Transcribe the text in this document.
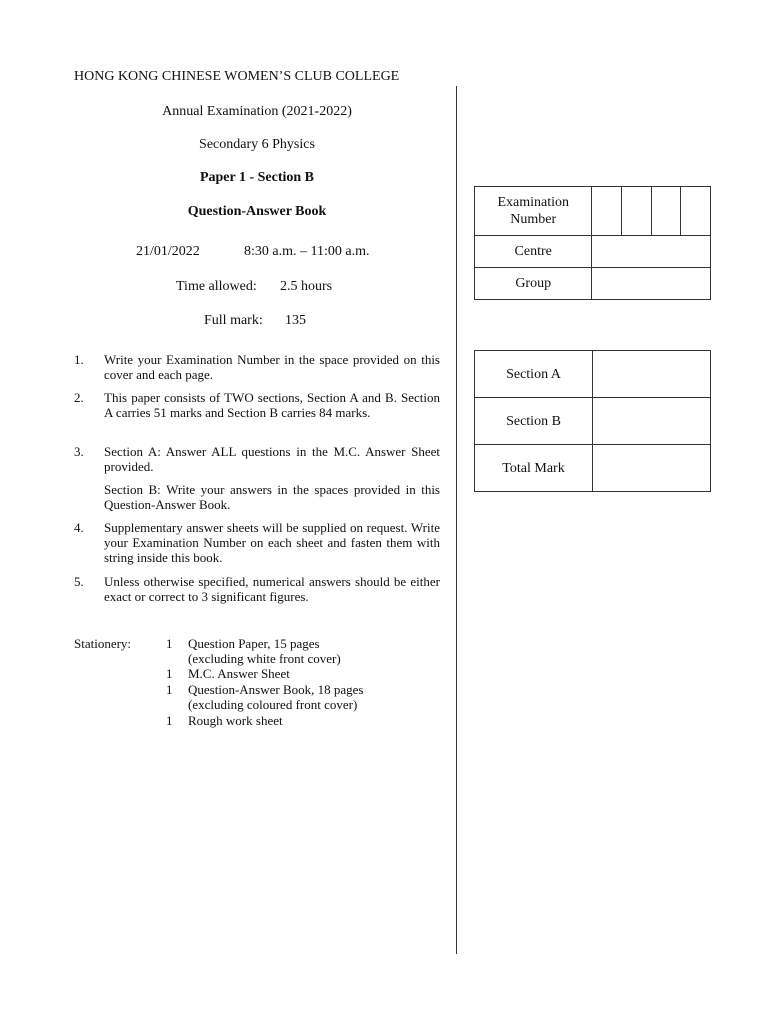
HONG KONG CHINESE WOMEN’S CLUB COLLEGE
Annual Examination (2021-2022)
Secondary 6 Physics
Paper 1 - Section B
Question-Answer Book
21/01/2022	8:30 a.m. – 11:00 a.m.
Time allowed: 2.5 hours
Full mark: 135
1. Write your Examination Number in the space provided on this cover and each page.
2. This paper consists of TWO sections, Section A and B. Section A carries 51 marks and Section B carries 84 marks.
3. Section A: Answer ALL questions in the M.C. Answer Sheet provided.
Section B: Write your answers in the spaces provided in this Question-Answer Book.
4. Supplementary answer sheets will be supplied on request. Write your Examination Number on each sheet and fasten them with string inside this book.
5. Unless otherwise specified, numerical answers should be either exact or correct to 3 significant figures.
Stationery:	1 Question Paper, 15 pages
(excluding white front cover)
1 M.C. Answer Sheet
1 Question-Answer Book, 18 pages
(excluding coloured front cover)
1 Rough work sheet
Examination
Number				
Centre				
Group				
Section A	
Section B	
Total Mark	
